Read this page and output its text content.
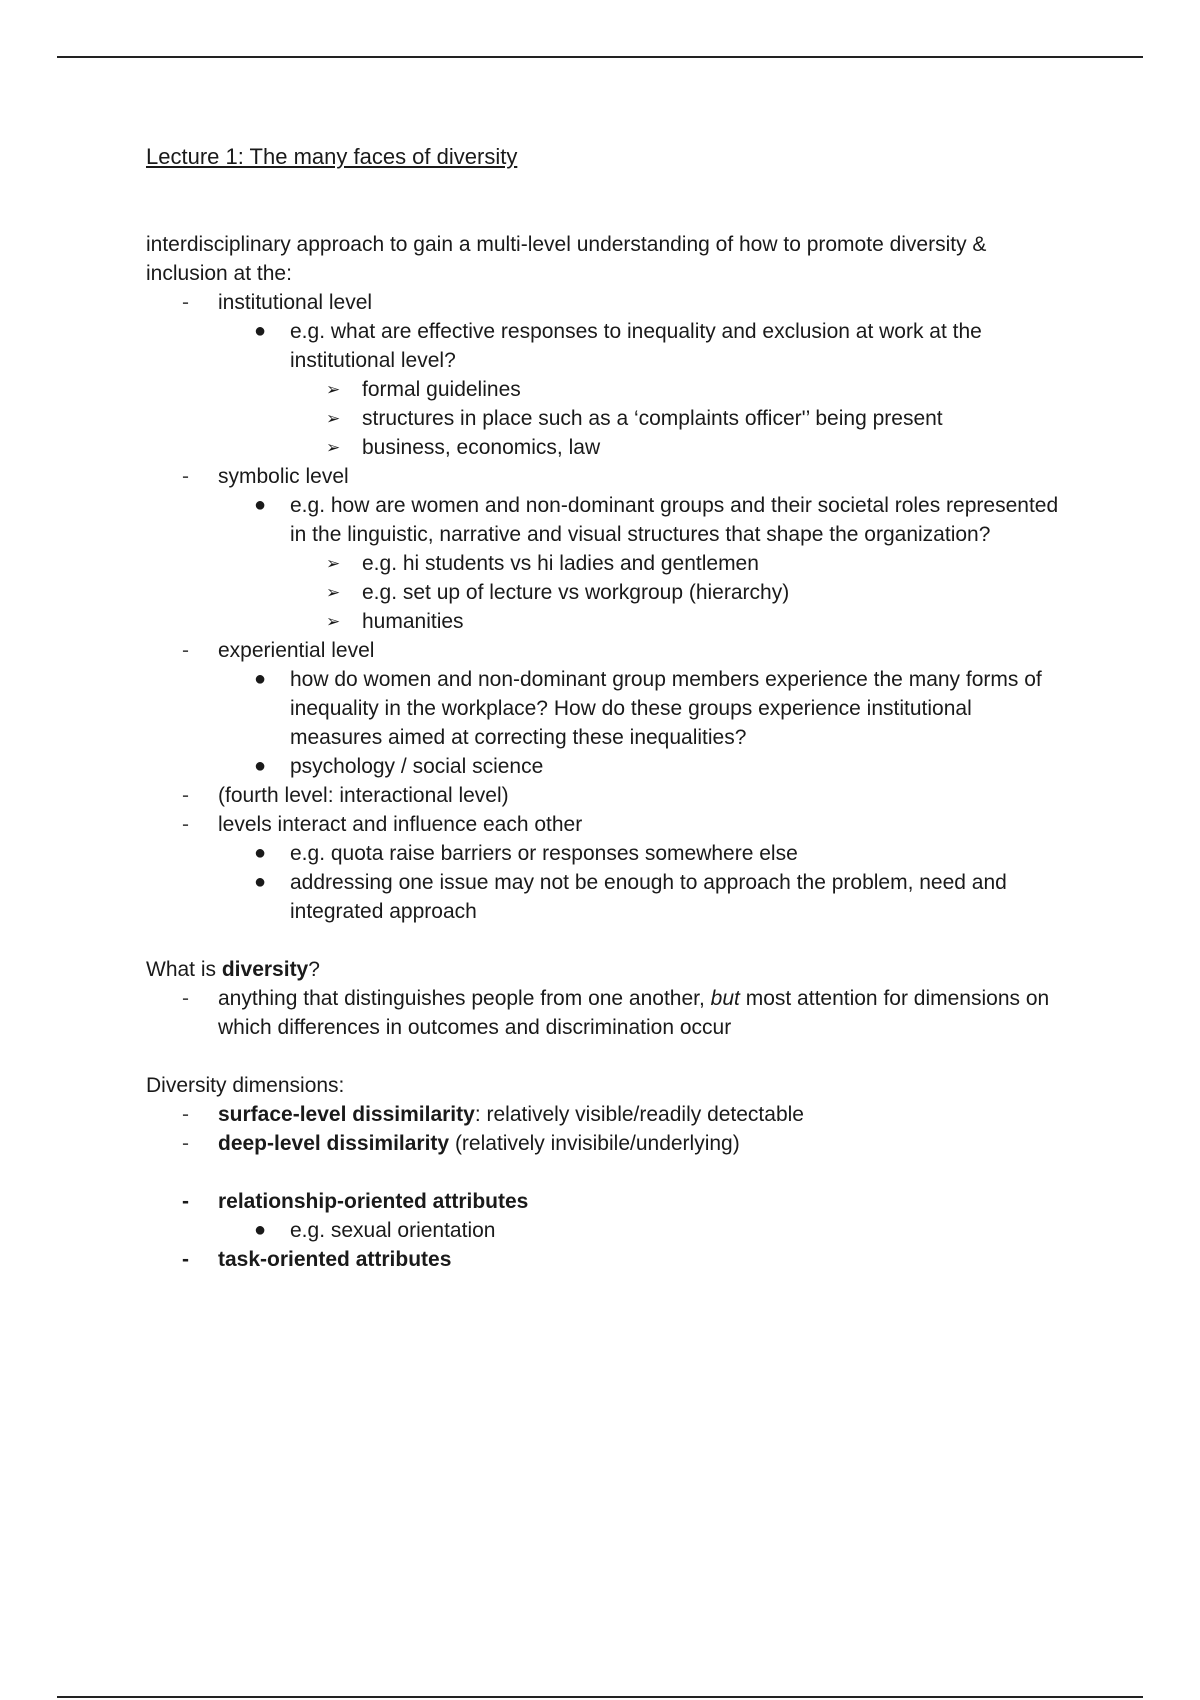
Lecture 1: The many faces of diversity

interdisciplinary approach to gain a multi-level understanding of how to promote diversity & inclusion at the:

- institutional level
● e.g. what are effective responses to inequality and exclusion at work at the institutional level?
➢ formal guidelines
➢ structures in place such as a ‘complaints officer'’ being present
➢ business, economics, law
- symbolic level
● e.g. how are women and non-dominant groups and their societal roles represented in the linguistic, narrative and visual structures that shape the organization?
➢ e.g. hi students vs hi ladies and gentlemen
➢ e.g. set up of lecture vs workgroup (hierarchy)
➢ humanities
- experiential level
● how do women and non-dominant group members experience the many forms of inequality in the workplace? How do these groups experience institutional measures aimed at correcting these inequalities?
● psychology / social science
- (fourth level: interactional level)
- levels interact and influence each other
● e.g. quota raise barriers or responses somewhere else
● addressing one issue may not be enough to approach the problem, need and integrated approach

What is diversity?

- anything that distinguishes people from one another, but most attention for dimensions on which differences in outcomes and discrimination occur

Diversity dimensions:

- surface-level dissimilarity: relatively visible/readily detectable
- deep-level dissimilarity (relatively invisibile/underlying)
- relationship-oriented attributes
● e.g. sexual orientation
- task-oriented attributes
